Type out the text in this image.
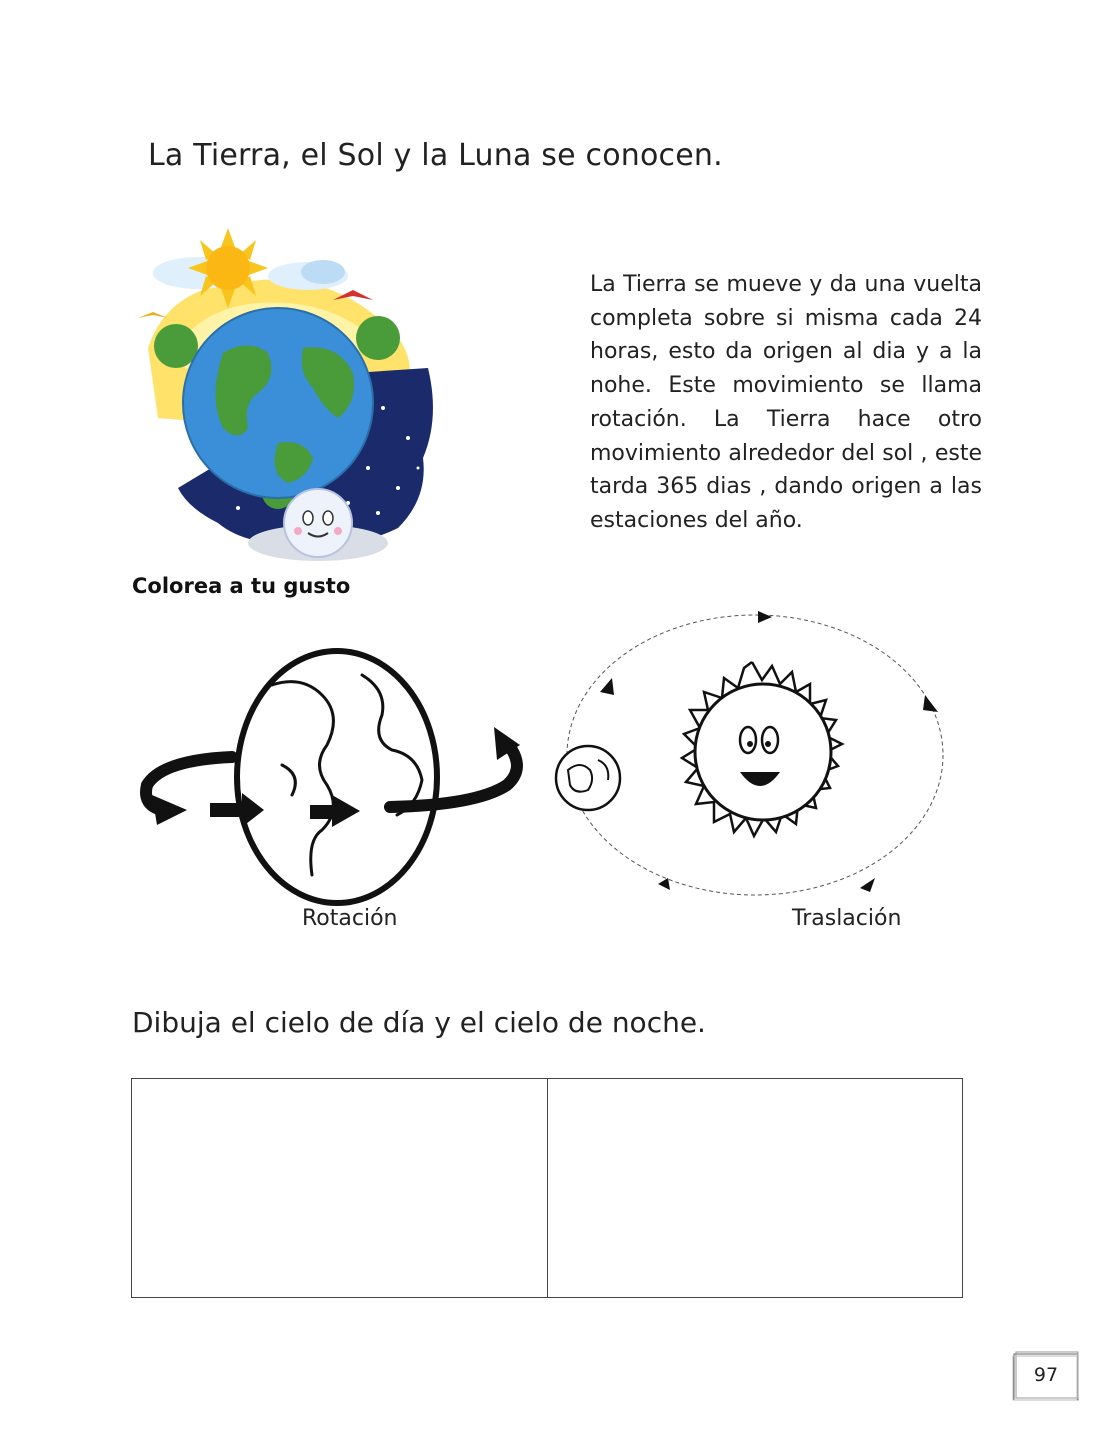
La Tierra, el Sol y la Luna se conocen.

La Tierra se mueve y da una vuelta completa sobre si misma cada 24 horas, esto da origen al dia y a la nohe. Este movimiento se llama rotación. La Tierra hace otro movimiento alrededor del sol , este tarda 365 dias , dando origen a las estaciones del año.

Colorea a tu gusto
Rotación	Traslación
Dibuja el cielo de día y el cielo de noche.
97
